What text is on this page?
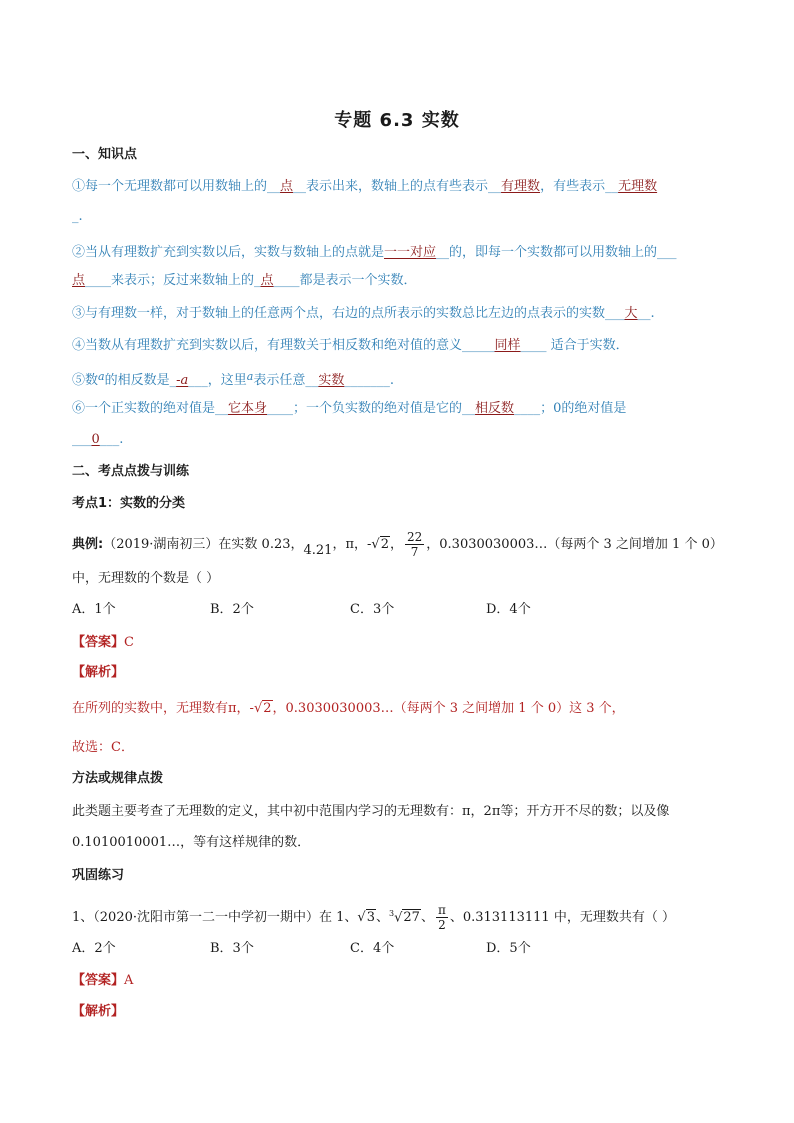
专题 6.3 实数
一、知识点
①每一个无理数都可以用数轴上的__点__表示出来，数轴上的点有些表示__有理数，有些表示__无理数
_.
②当从有理数扩充到实数以后，实数与数轴上的点就是一一对应__的，即每一个实数都可以用数轴上的___
点____来表示；反过来数轴上的_点____都是表示一个实数．
③与有理数一样，对于数轴上的任意两个点，右边的点所表示的实数总比左边的点表示的实数___大__.
④当数从有理数扩充到实数以后，有理数关于相反数和绝对值的意义_____同样____ 适合于实数．
⑤数$^a$的相反数是_-a___，这里$^a$表示任意__实数_______.
⑥一个正实数的绝对值是__它本身____；一个负实数的绝对值是它的__相反数____；0的绝对值是
___0___.
二、考点点拨与训练
考点1：实数的分类
典例:（2019·湖南初三）在实数 0.23，4.21，π，-√2， $\frac{22}{7}$ ，0.3030030003…（每两个 3 之间增加 1 个 0）
中，无理数的个数是（ ）
A．1个	B．2个	C．3个	D．4个
【答案】C
【解析】
在所列的实数中，无理数有π，-√2，0.3030030003…（每两个 3 之间增加 1 个 0）这 3 个，
故选：C．
方法或规律点拨
此类题主要考查了无理数的定义，其中初中范围内学习的无理数有：π，2π等；开方开不尽的数；以及像
0.1010010001…，等有这样规律的数．
巩固练习
1、（2020·沈阳市第一二一中学初一期中）在 1、√3、$^3$√27、 $\frac{\pi}{2}$ 、0.313113111 中，无理数共有（ ）
A．2个	B．3个	C．4个	D．5个
【答案】A
【解析】
